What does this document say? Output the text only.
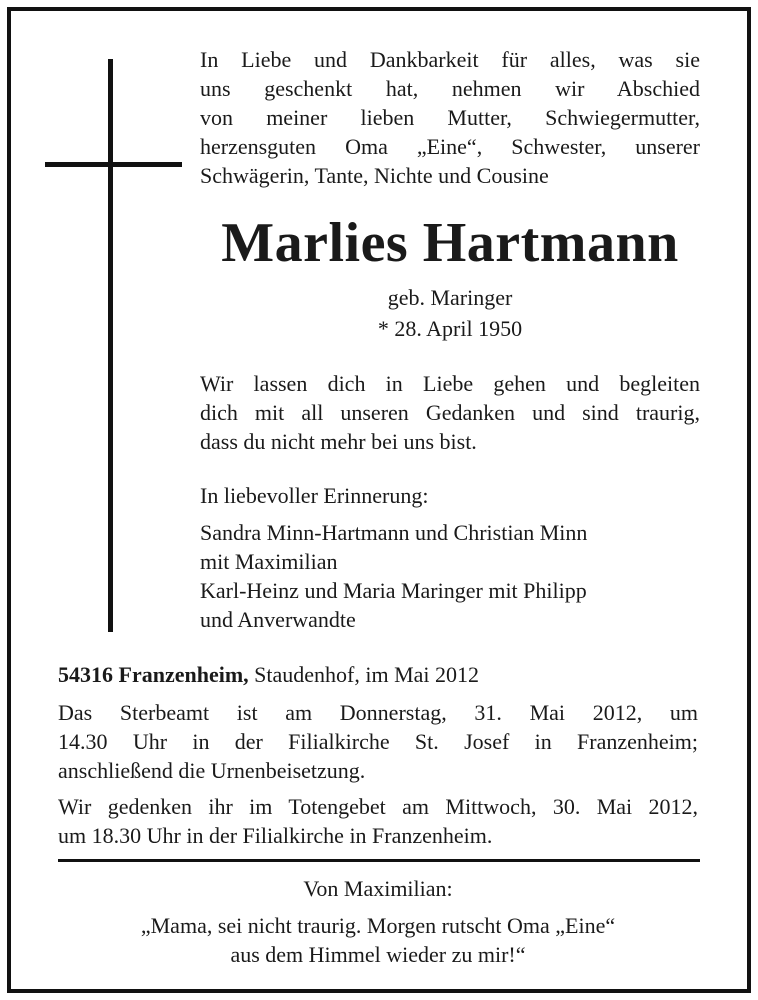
In Liebe und Dankbarkeit für alles, was sie
uns geschenkt hat, nehmen wir Abschied
von meiner lieben Mutter, Schwiegermutter,
herzensguten Oma „Eine“, Schwester, unserer
Schwägerin, Tante, Nichte und Cousine
Marlies Hartmann
geb. Maringer
* 28. April 1950
Wir lassen dich in Liebe gehen und begleiten
dich mit all unseren Gedanken und sind traurig,
dass du nicht mehr bei uns bist.
In liebevoller Erinnerung:
Sandra Minn-Hartmann und Christian Minn
mit Maximilian
Karl-Heinz und Maria Maringer mit Philipp
und Anverwandte
54316 Franzenheim, Staudenhof, im Mai 2012
Das Sterbeamt ist am Donnerstag, 31. Mai 2012, um
14.30 Uhr in der Filialkirche St. Josef in Franzenheim;
anschließend die Urnenbeisetzung.
Wir gedenken ihr im Totengebet am Mittwoch, 30. Mai 2012,
um 18.30 Uhr in der Filialkirche in Franzenheim.
Von Maximilian:
„Mama, sei nicht traurig. Morgen rutscht Oma „Eine“
aus dem Himmel wieder zu mir!“
